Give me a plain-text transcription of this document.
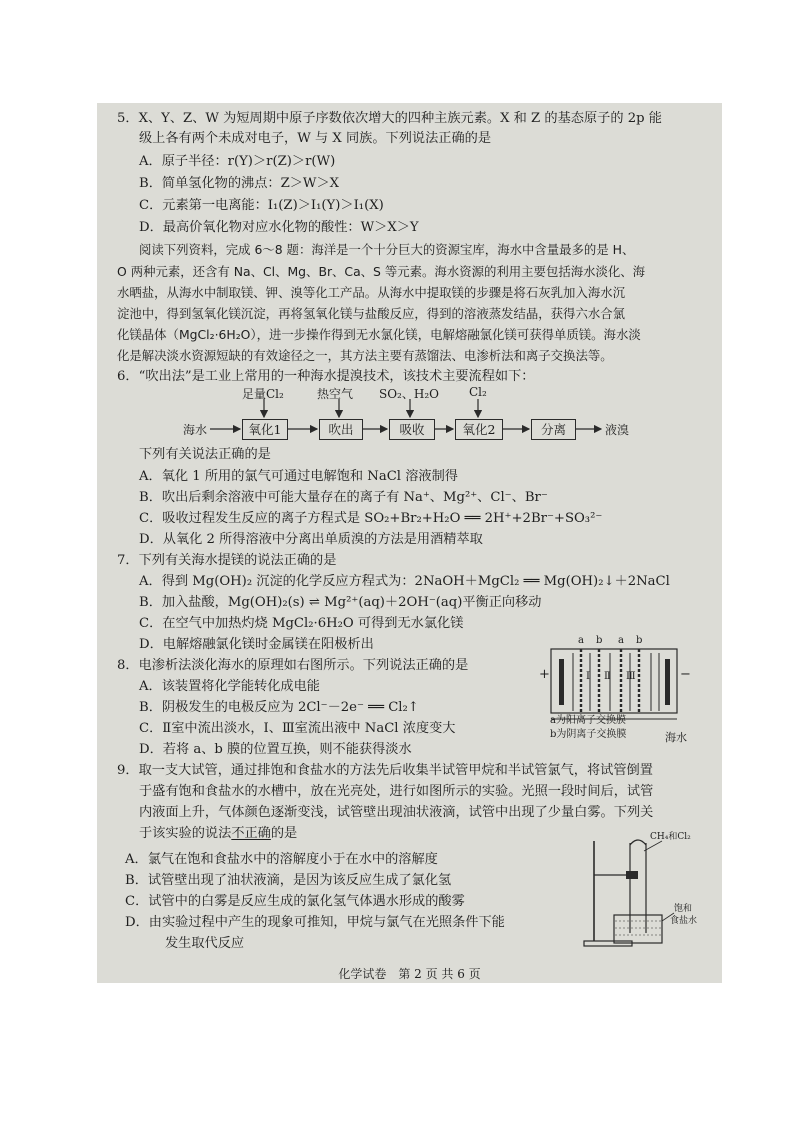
5．X、Y、Z、W 为短周期中原子序数依次增大的四种主族元素。X 和 Z 的基态原子的 2p 能
级上各有两个未成对电子，W 与 X 同族。下列说法正确的是
A．原子半径：r(Y)＞r(Z)＞r(W)
B．简单氢化物的沸点：Z＞W＞X
C．元素第一电离能：I₁(Z)＞I₁(Y)＞I₁(X)
D．最高价氧化物对应水化物的酸性：W＞X＞Y
阅读下列资料，完成 6～8 题：海洋是一个十分巨大的资源宝库，海水中含量最多的是 H、
O 两种元素，还含有 Na、Cl、Mg、Br、Ca、S 等元素。海水资源的利用主要包括海水淡化、海
水晒盐，从海水中制取镁、钾、溴等化工产品。从海水中提取镁的步骤是将石灰乳加入海水沉
淀池中，得到氢氧化镁沉淀，再将氢氧化镁与盐酸反应，得到的溶液蒸发结晶，获得六水合氯
化镁晶体（MgCl₂·6H₂O），进一步操作得到无水氯化镁，电解熔融氯化镁可获得单质镁。海水淡
化是解决淡水资源短缺的有效途径之一，其方法主要有蒸馏法、电渗析法和离子交换法等。
6．“吹出法”是工业上常用的一种海水提溴技术，该技术主要流程如下：
足量Cl₂	热空气 SO₂、H₂O	Cl₂
海水	氧化1	吹出	吸收	氧化2	分离	液溴
下列有关说法正确的是
A．氧化 1 所用的氯气可通过电解饱和 NaCl 溶液制得
B．吹出后剩余溶液中可能大量存在的离子有 Na⁺、Mg²⁺、Cl⁻、Br⁻
C．吸收过程发生反应的离子方程式是 SO₂+Br₂+H₂O ══ 2H⁺+2Br⁻+SO₃²⁻
D．从氧化 2 所得溶液中分离出单质溴的方法是用酒精萃取
7．下列有关海水提镁的说法正确的是
A．得到 Mg(OH)₂ 沉淀的化学反应方程式为：2NaOH＋MgCl₂ ══ Mg(OH)₂↓＋2NaCl
B．加入盐酸，Mg(OH)₂(s) ⇌ Mg²⁺(aq)＋2OH⁻(aq)平衡正向移动
C．在空气中加热灼烧 MgCl₂·6H₂O 可得到无水氯化镁
D．电解熔融氯化镁时金属镁在阳极析出
8．电渗析法淡化海水的原理如右图所示。下列说法正确的是
A．该装置将化学能转化成电能
B．阴极发生的电极反应为 2Cl⁻－2e⁻ ══ Cl₂↑
C．Ⅱ室中流出淡水，Ⅰ、Ⅲ室流出液中 NaCl 浓度变大
D．若将 a、b 膜的位置互换，则不能获得淡水
a b a b
+	−
Ⅰ Ⅱ Ⅲ
海水
a为阳离子交换膜
b为阴离子交换膜
9．取一支大试管，通过排饱和食盐水的方法先后收集半试管甲烷和半试管氯气，将试管倒置
于盛有饱和食盐水的水槽中，放在光亮处，进行如图所示的实验。光照一段时间后，试管
内液面上升，气体颜色逐渐变浅，试管壁出现油状液滴，试管中出现了少量白雾。下列关
于该实验的说法不正确的是
A．氯气在饱和食盐水中的溶解度小于在水中的溶解度
B．试管壁出现了油状液滴，是因为该反应生成了氯化氢
C．试管中的白雾是反应生成的氯化氢气体遇水形成的酸雾
D．由实验过程中产生的现象可推知，甲烷与氯气在光照条件下能
发生取代反应
CH₄和Cl₂
饱和
食盐水
化学试卷　第 2 页 共 6 页
